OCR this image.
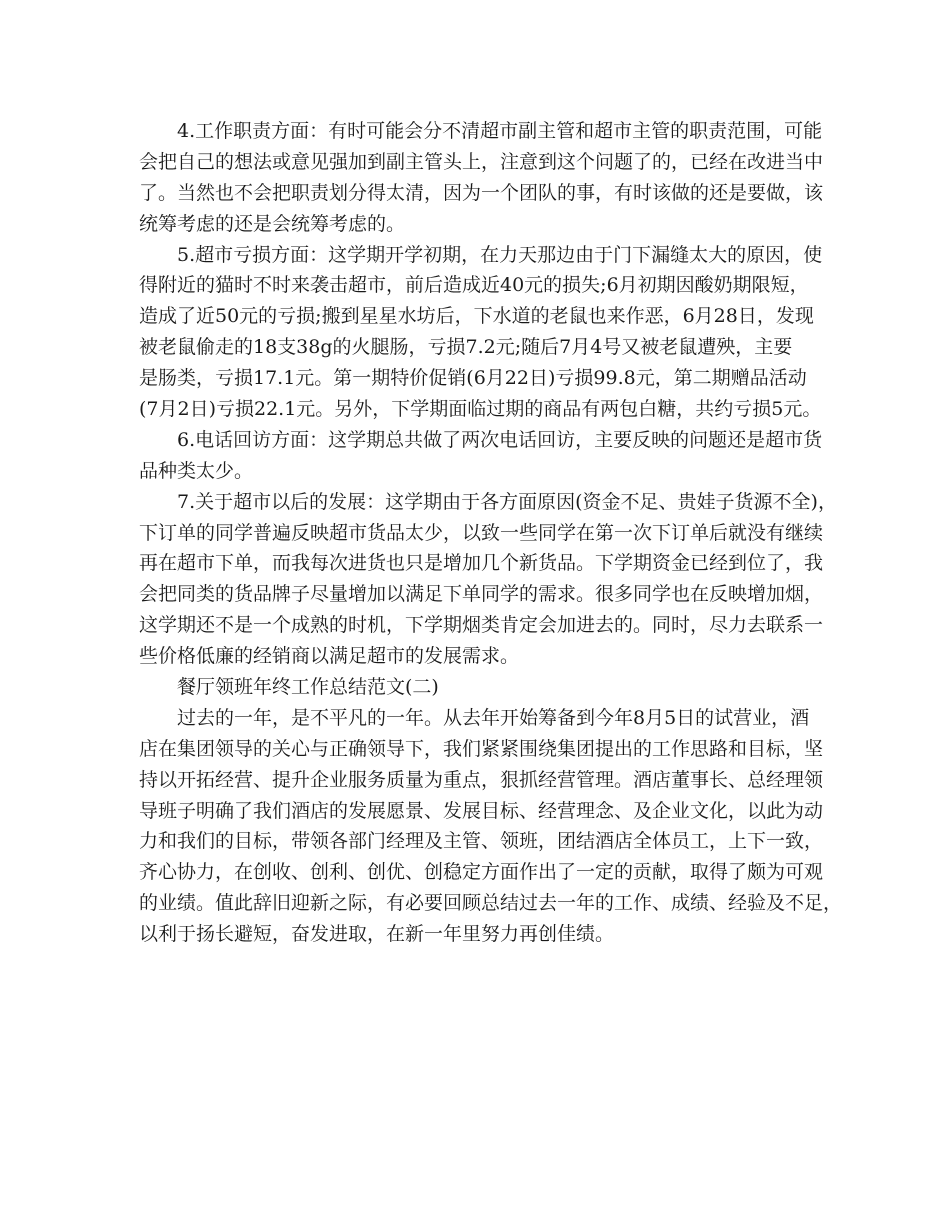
4.工作职责方面：有时可能会分不清超市副主管和超市主管的职责范围，可能
会把自己的想法或意见强加到副主管头上，注意到这个问题了的，已经在改进当中
了。当然也不会把职责划分得太清，因为一个团队的事，有时该做的还是要做，该
统筹考虑的还是会统筹考虑的。
5.超市亏损方面：这学期开学初期，在力天那边由于门下漏缝太大的原因，使
得附近的猫时不时来袭击超市，前后造成近40元的损失;6月初期因酸奶期限短，
造成了近50元的亏损;搬到星星水坊后，下水道的老鼠也来作恶，6月28日，发现
被老鼠偷走的18支38g的火腿肠，亏损7.2元;随后7月4号又被老鼠遭殃，主要
是肠类，亏损17.1元。第一期特价促销(6月22日)亏损99.8元，第二期赠品活动
(7月2日)亏损22.1元。另外，下学期面临过期的商品有两包白糖，共约亏损5元。
6.电话回访方面：这学期总共做了两次电话回访，主要反映的问题还是超市货
品种类太少。
7.关于超市以后的发展：这学期由于各方面原因(资金不足、贵娃子货源不全)，
下订单的同学普遍反映超市货品太少，以致一些同学在第一次下订单后就没有继续
再在超市下单，而我每次进货也只是增加几个新货品。下学期资金已经到位了，我
会把同类的货品牌子尽量增加以满足下单同学的需求。很多同学也在反映增加烟，
这学期还不是一个成熟的时机，下学期烟类肯定会加进去的。同时，尽力去联系一
些价格低廉的经销商以满足超市的发展需求。
餐厅领班年终工作总结范文(二)
过去的一年，是不平凡的一年。从去年开始筹备到今年8月5日的试营业，酒
店在集团领导的关心与正确领导下，我们紧紧围绕集团提出的工作思路和目标，坚
持以开拓经营、提升企业服务质量为重点，狠抓经营管理。酒店董事长、总经理领
导班子明确了我们酒店的发展愿景、发展目标、经营理念、及企业文化，以此为动
力和我们的目标，带领各部门经理及主管、领班，团结酒店全体员工，上下一致，
齐心协力，在创收、创利、创优、创稳定方面作出了一定的贡献，取得了颇为可观
的业绩。值此辞旧迎新之际，有必要回顾总结过去一年的工作、成绩、经验及不足，
以利于扬长避短，奋发进取，在新一年里努力再创佳绩。
